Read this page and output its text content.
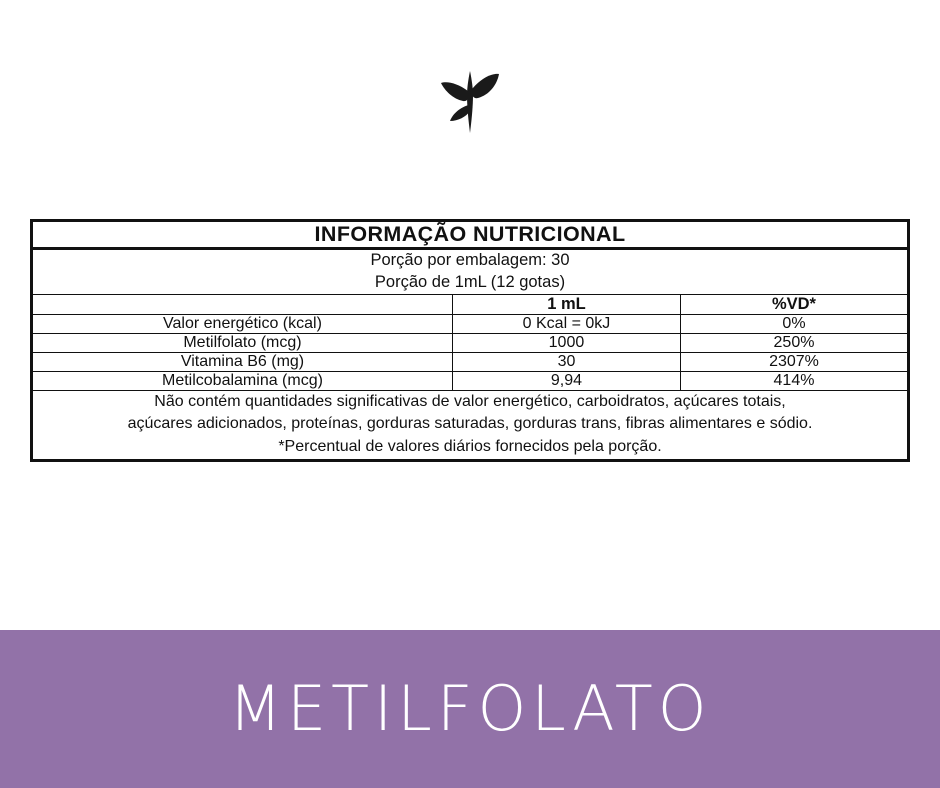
INFORMAÇÃO NUTRICIONAL		

Porção por embalagem: 30
Porção de 1mL (12 gotas)		

	1 mL	%VD*
Valor energético (kcal)	0 Kcal = 0kJ	0%
Metilfolato (mcg)	1000	250%
Vitamina B6 (mg)	30	2307%
Metilcobalamina (mcg)	9,94	414%

Não contém quantidades significativas de valor energético, carboidratos, açúcares totais,

açúcares adicionados, proteínas, gorduras saturadas, gorduras trans, fibras alimentares e sódio.

*Percentual de valores diários fornecidos pela porção.		

METILFOLATO
